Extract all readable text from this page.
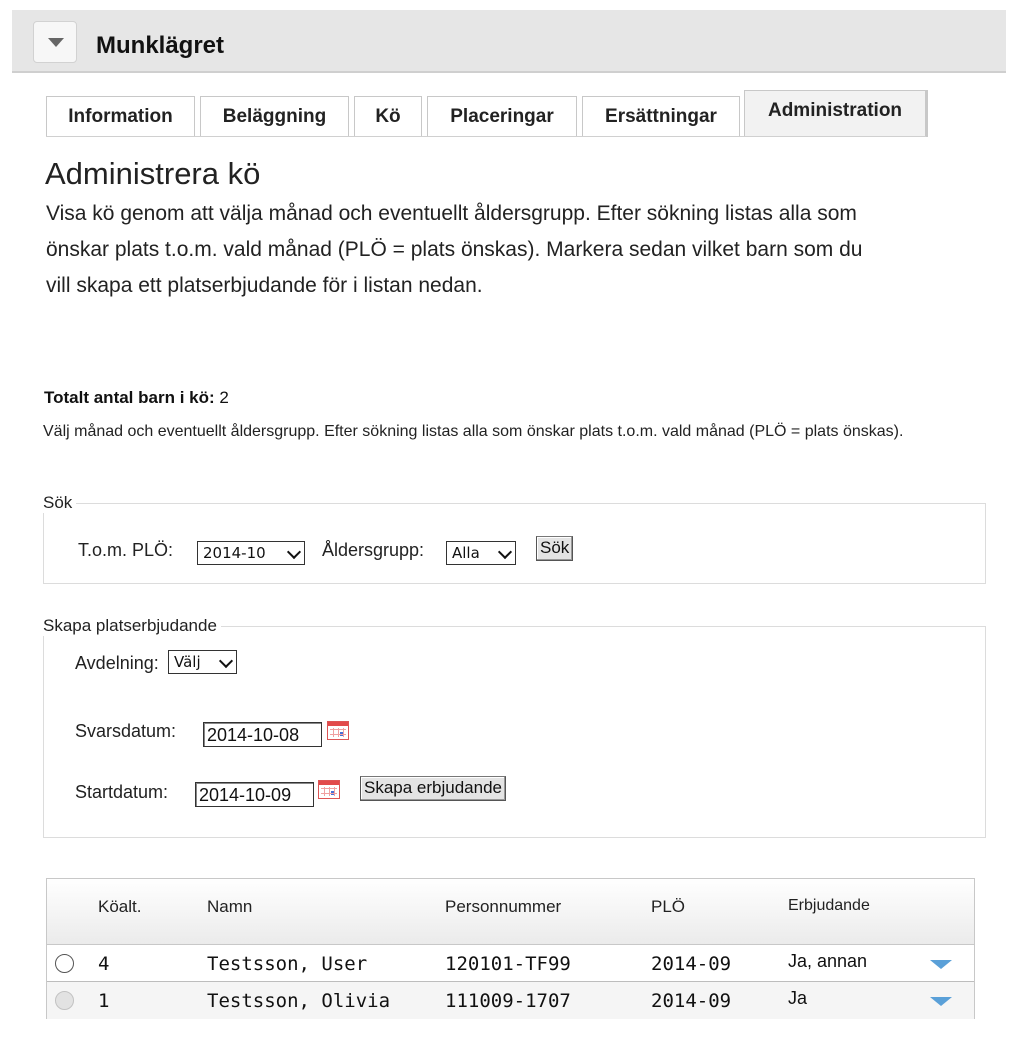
Munklägret
Information	Beläggning	Kö	Placeringar	Ersättningar	Administration
Administrera kö
Visa kö genom att välja månad och eventuellt åldersgrupp. Efter sökning listas alla som önskar plats t.o.m. vald månad (PLÖ = plats önskas). Markera sedan vilket barn som du vill skapa ett platserbjudande för i listan nedan.
Totalt antal barn i kö: 2
Välj månad och eventuellt åldersgrupp. Efter sökning listas alla som önskar plats t.o.m. vald månad (PLÖ = plats önskas).
Sök
T.o.m. PLÖ:	2014-10	Åldersgrupp:	Alla	Sök
Skapa platserbjudande
Avdelning:	Välj
Svarsdatum: 2014-10-08
Startdatum: 2014-10-09	Skapa erbjudande
Köalt.	Namn	Personnummer	PLÖ	Erbjudande
4	Testsson, User	120101-TF99	2014-09	Ja, annan
1	Testsson, Olivia	111009-1707	2014-09	Ja
